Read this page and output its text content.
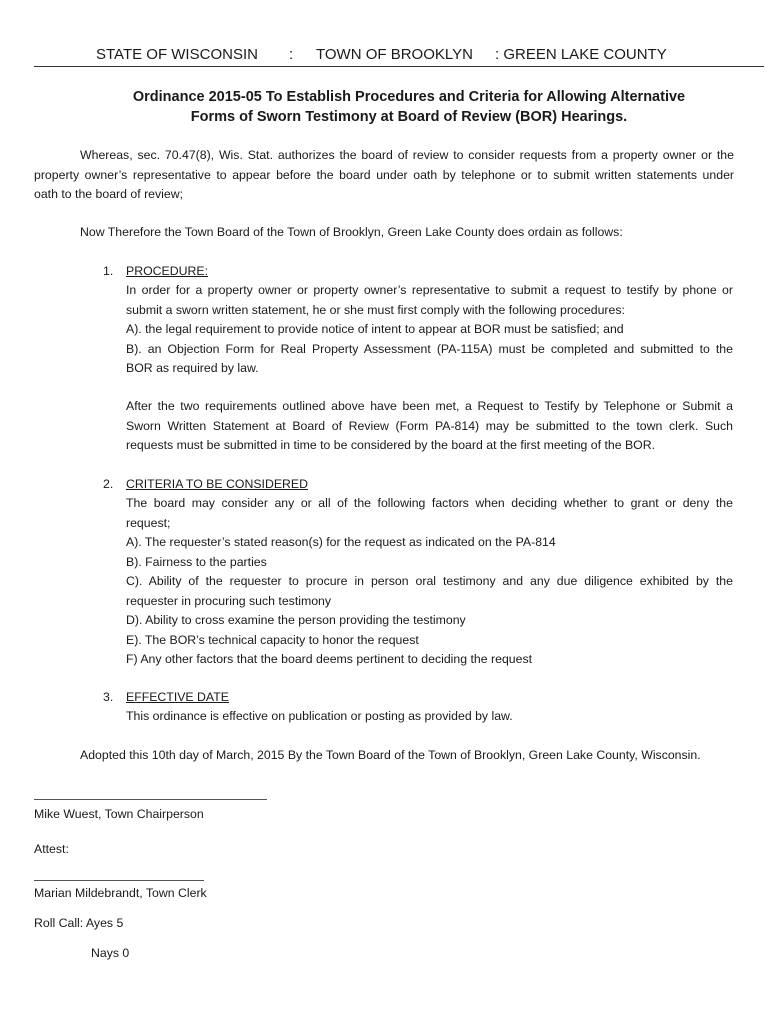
STATE OF WISCONSIN : TOWN OF BROOKLYN : GREEN LAKE COUNTY
Ordinance 2015-05 To Establish Procedures and Criteria for Allowing Alternative
Forms of Sworn Testimony at Board of Review (BOR) Hearings.
Whereas, sec. 70.47(8), Wis. Stat. authorizes the board of review to consider requests from a property owner or the
property owner’s representative to appear before the board under oath by telephone or to submit written statements under
oath to the board of review;
Now Therefore the Town Board of the Town of Brooklyn, Green Lake County does ordain as follows:
1. PROCEDURE:
In order for a property owner or property owner’s representative to submit a request to testify by phone or
submit a sworn written statement, he or she must first comply with the following procedures:
A). the legal requirement to provide notice of intent to appear at BOR must be satisfied; and
B). an Objection Form for Real Property Assessment (PA-115A) must be completed and submitted to the
BOR as required by law.
After the two requirements outlined above have been met, a Request to Testify by Telephone or Submit a
Sworn Written Statement at Board of Review (Form PA-814) may be submitted to the town clerk. Such
requests must be submitted in time to be considered by the board at the first meeting of the BOR.
2. CRITERIA TO BE CONSIDERED
The board may consider any or all of the following factors when deciding whether to grant or deny the
request;
A). The requester’s stated reason(s) for the request as indicated on the PA-814
B). Fairness to the parties
C). Ability of the requester to procure in person oral testimony and any due diligence exhibited by the
requester in procuring such testimony
D). Ability to cross examine the person providing the testimony
E). The BOR’s technical capacity to honor the request
F) Any other factors that the board deems pertinent to deciding the request
3. EFFECTIVE DATE
This ordinance is effective on publication or posting as provided by law.
Adopted this 10th day of March, 2015 By the Town Board of the Town of Brooklyn, Green Lake County, Wisconsin.
Mike Wuest, Town Chairperson
Attest:
Marian Mildebrandt, Town Clerk
Roll Call: Ayes 5
Nays 0
